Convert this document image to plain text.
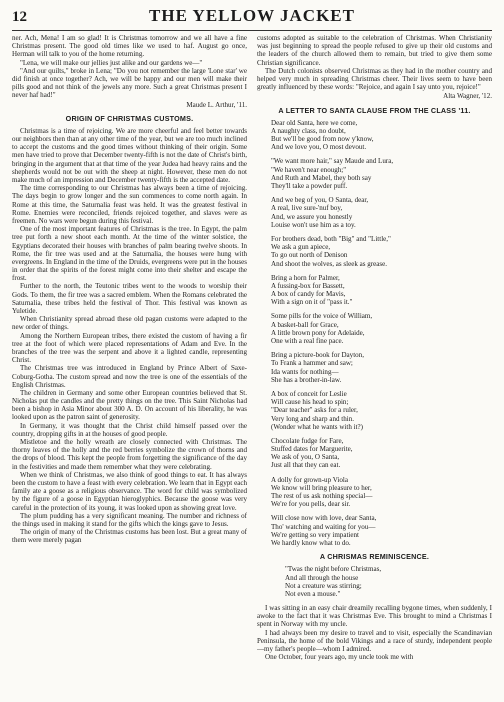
12	THE YELLOW JACKET

ner. Ach, Mena! I am so glad! It is Christmas tomorrow and we all have a fine Christmas present. The good old times like we used to haf. August go once, Herman will talk to you of the home returning.

"Lena, we will make our jellies just alike and our gardens we—"

"And our quilts," broke in Lena; "Do you not remember the large 'Lone star' we did finish at once together? Ach, we will be happy and our men will make their pills good and not think of the jewels any more. Such a great Christmas present I never haf had!"

Maude L. Arthur, '11.
ORIGIN OF CHRISTMAS CUSTOMS.

Christmas is a time of rejoicing. We are more cheerful and feel better towards our neighbors then than at any other time of the year, but we are too much inclined to accept the customs and the good times without thinking of their origin. Some men have tried to prove that December twenty-fifth is not the date of Christ's birth, bringing in the argument that at that time of the year Judea had heavy rains and the shepherds would not be out with the sheep at night. However, these men do not make much of an impression and December twenty-fifth is the accepted date.

The time corresponding to our Christmas has always been a time of rejoicing. The days begin to grow longer and the sun commences to come north again. In Rome at this time, the Saturnalia feast was held. It was the greatest festival in Rome. Enemies were reconciled, friends rejoiced together, and slaves were as freemen. No wars were begun during this festival.

One of the most important features of Christmas is the tree. In Egypt, the palm tree put forth a new shoot each month. At the time of the winter solstice, the Egyptians decorated their houses with branches of palm bearing twelve shoots. In Rome, the fir tree was used and at the Saturnalia, the houses were hung with evergreens. In England in the time of the Druids, evergreens were put in the houses in order that the spirits of the forest might come into their shelter and escape the frost.

Further to the north, the Teutonic tribes went to the woods to worship their Gods. To them, the fir tree was a sacred emblem. When the Romans celebrated the Saturnalia, these tribes held the festival of Thor. This festival was known as Yuletide.

When Christianity spread abroad these old pagan customs were adapted to the new order of things.

Among the Northern European tribes, there existed the custom of having a fir tree at the foot of which were placed representations of Adam and Eve. In the branches of the tree was the serpent and above it a lighted candle, representing Christ.

The Christmas tree was introduced in England by Prince Albert of Saxe-Coburg-Gotha. The custom spread and now the tree is one of the essentials of the English Christmas.

The children in Germany and some other European countries believed that St. Nicholas put the candles and the pretty things on the tree. This Saint Nicholas had been a bishop in Asia Minor about 300 A. D. On account of his liberality, he was looked upon as the patron saint of generosity.

In Germany, it was thought that the Christ child himself passed over the country, dropping gifts in at the houses of good people.

Mistletoe and the holly wreath are closely connected with Christmas. The thorny leaves of the holly and the red berries symbolize the crown of thorns and the drops of blood. This kept the people from forgetting the significance of the day in the festivities and made them remember what they were celebrating.

When we think of Christmas, we also think of good things to eat. It has always been the custom to have a feast with every celebration. We learn that in Egypt each family ate a goose as a religious observance. The word for child was symbolized by the figure of a goose in Egyptian hieroglyphics. Because the goose was very careful in the protection of its young, it was looked upon as showing great love.

The plum pudding has a very significant meaning. The number and richness of the things used in making it stand for the gifts which the kings gave to Jesus.

The origin of many of the Christmas customs has been lost. But a great many of them were merely pagan

customs adopted as suitable to the celebration of Christmas. When Christianity was just beginning to spread the people refused to give up their old customs and the leaders of the church allowed them to remain, but tried to give them some Christian significance.

The Dutch colonists observed Christmas as they had in the mother country and helped very much in spreading Christmas cheer. Their lives seem to have been greatly influenced by these words: "Rejoice, and again I say unto you, rejoice!"

Alta Wagner, '12.
A LETTER TO SANTA CLAUSE FROM THE CLASS '11.
Dear old Santa, here we come,
A naughty class, no doubt,
But we'll be good from now y'know,
And we love you, O most devout.
"We want more hair," say Maude and Lura,
"We haven't near enough;"
And Ruth and Mabel, they both say
They'll take a powder puff.
And we beg of you, O Santa, dear,
A real, live sure-'nuf boy,
And, we assure you honestly
Louise won't use him as a toy.
For brothers dead, both "Big" and "Little,"
We ask a gun apiece,
To go out north of Denison
And shoot the wolves, as sleek as grease.
Bring a horn for Palmer,
A fussing-box for Bassett,
A box of candy for Mavis,
With a sign on it of "pass it."
Some pills for the voice of William,
A basket-ball for Grace,
A little brown pony for Adelaide,
One with a real fine pace.
Bring a picture-book for Dayton,
To Frank a hammer and saw;
Ida wants for nothing—
She has a brother-in-law.
A box of conceit for Leslie
Will cause his head to spin;
"Dear teacher" asks for a ruler,
Very long and sharp and thin.
(Wonder what he wants with it?)
Chocolate fudge for Fare,
Stuffed dates for Marguerite,
We ask of you, O Santa,
Just all that they can eat.
A dolly for grown-up Viola
We know will bring pleasure to her,
The rest of us ask nothing special—
We're for you pells, dear sir.
Will close now with love, dear Santa,
Tho' watching and waiting for you—
We're getting so very impatient
We hardly know what to do.
A CHRISMAS REMINISCENCE.
"Twas the night before Christmas,
And all through the house
Not a creature was stirring;
Not even a mouse."

I was sitting in an easy chair dreamily recalling bygone times, when suddenly, I awoke to the fact that it was Christmas Eve. This brought to mind a Christmas I spent in Norway with my uncle.

I had always been my desire to travel and to visit, especially the Scandinavian Peninsula, the home of the bold Vikings and a race of sturdy, independent people—my father's people—whom I admired.

One October, four years ago, my uncle took me with
